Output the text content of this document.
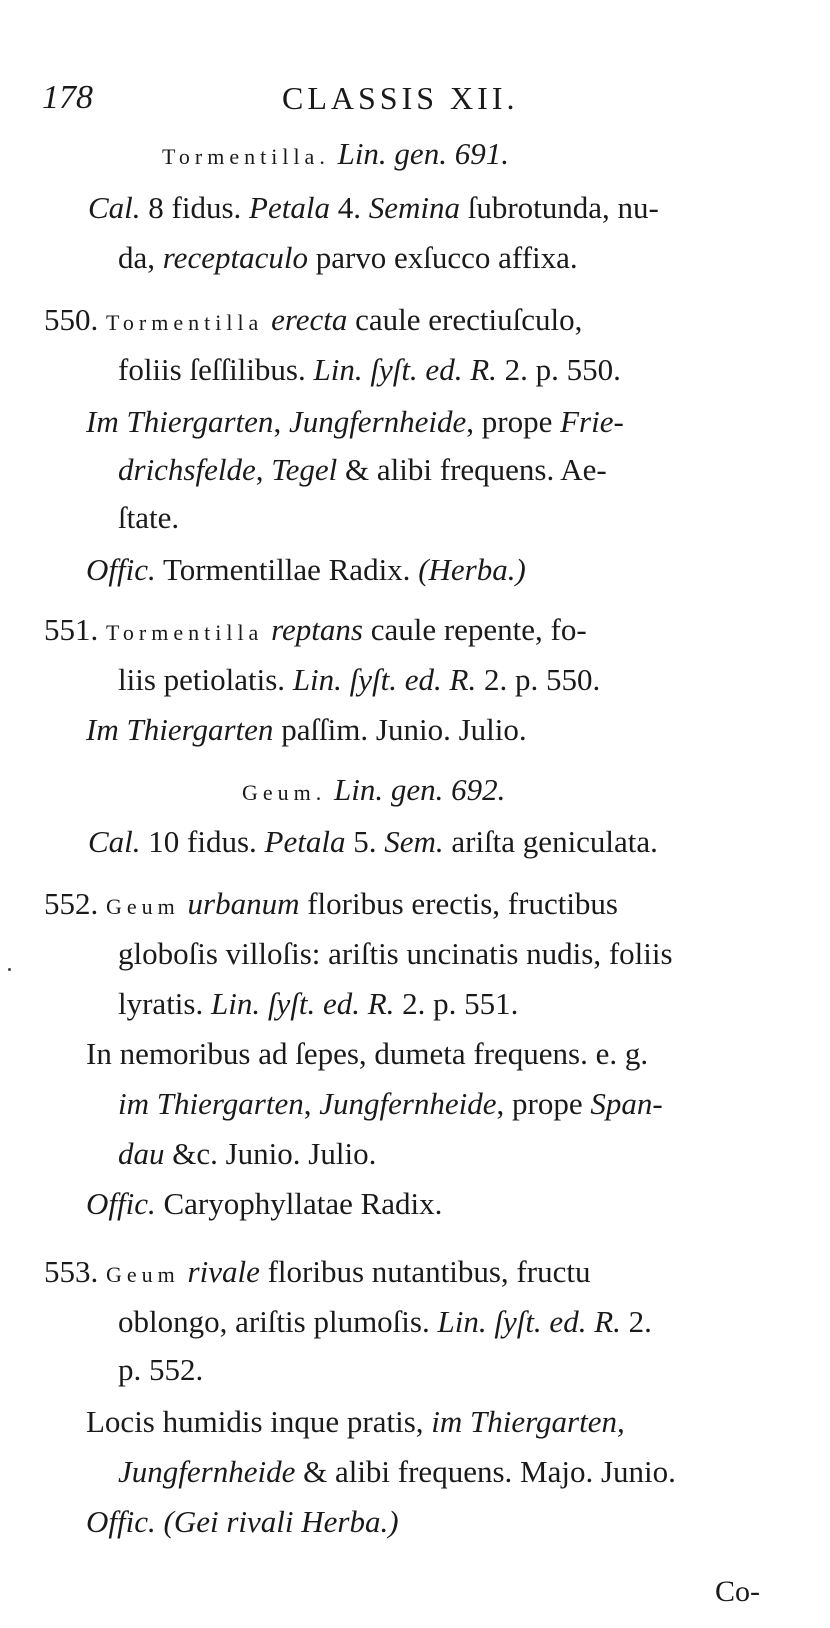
178	CLASSIS XII.
Tormentilla. Lin. gen. 691.
Cal. 8 fidus. Petala 4. Semina ſubrotunda, nu-
da, receptaculo parvo exſucco affixa.
550. Tormentilla erecta caule erectiuſculo,
foliis ſeſſilibus. Lin. ſyſt. ed. R. 2. p. 550.
Im Thiergarten, Jungfernheide, prope Frie-
drichsfelde, Tegel & alibi frequens. Ae-
ſtate.
Offic. Tormentillae Radix. (Herba.)
551. Tormentilla reptans caule repente, fo-
liis petiolatis. Lin. ſyſt. ed. R. 2. p. 550.
Im Thiergarten paſſim. Junio. Julio.
Geum. Lin. gen. 692.
Cal. 10 fidus. Petala 5. Sem. ariſta geniculata.
552. Geum urbanum floribus erectis, fructibus
globoſis villoſis: ariſtis uncinatis nudis, foliis
lyratis. Lin. ſyſt. ed. R. 2. p. 551.
In nemoribus ad ſepes, dumeta frequens. e. g.
im Thiergarten, Jungfernheide, prope Span-
dau &c. Junio. Julio.
Offic. Caryophyllatae Radix.
553. Geum rivale floribus nutantibus, fructu
oblongo, ariſtis plumoſis. Lin. ſyſt. ed. R. 2.
p. 552.
Locis humidis inque pratis, im Thiergarten,
Jungfernheide & alibi frequens. Majo. Junio.
Offic. (Gei rivali Herba.)
Co-
